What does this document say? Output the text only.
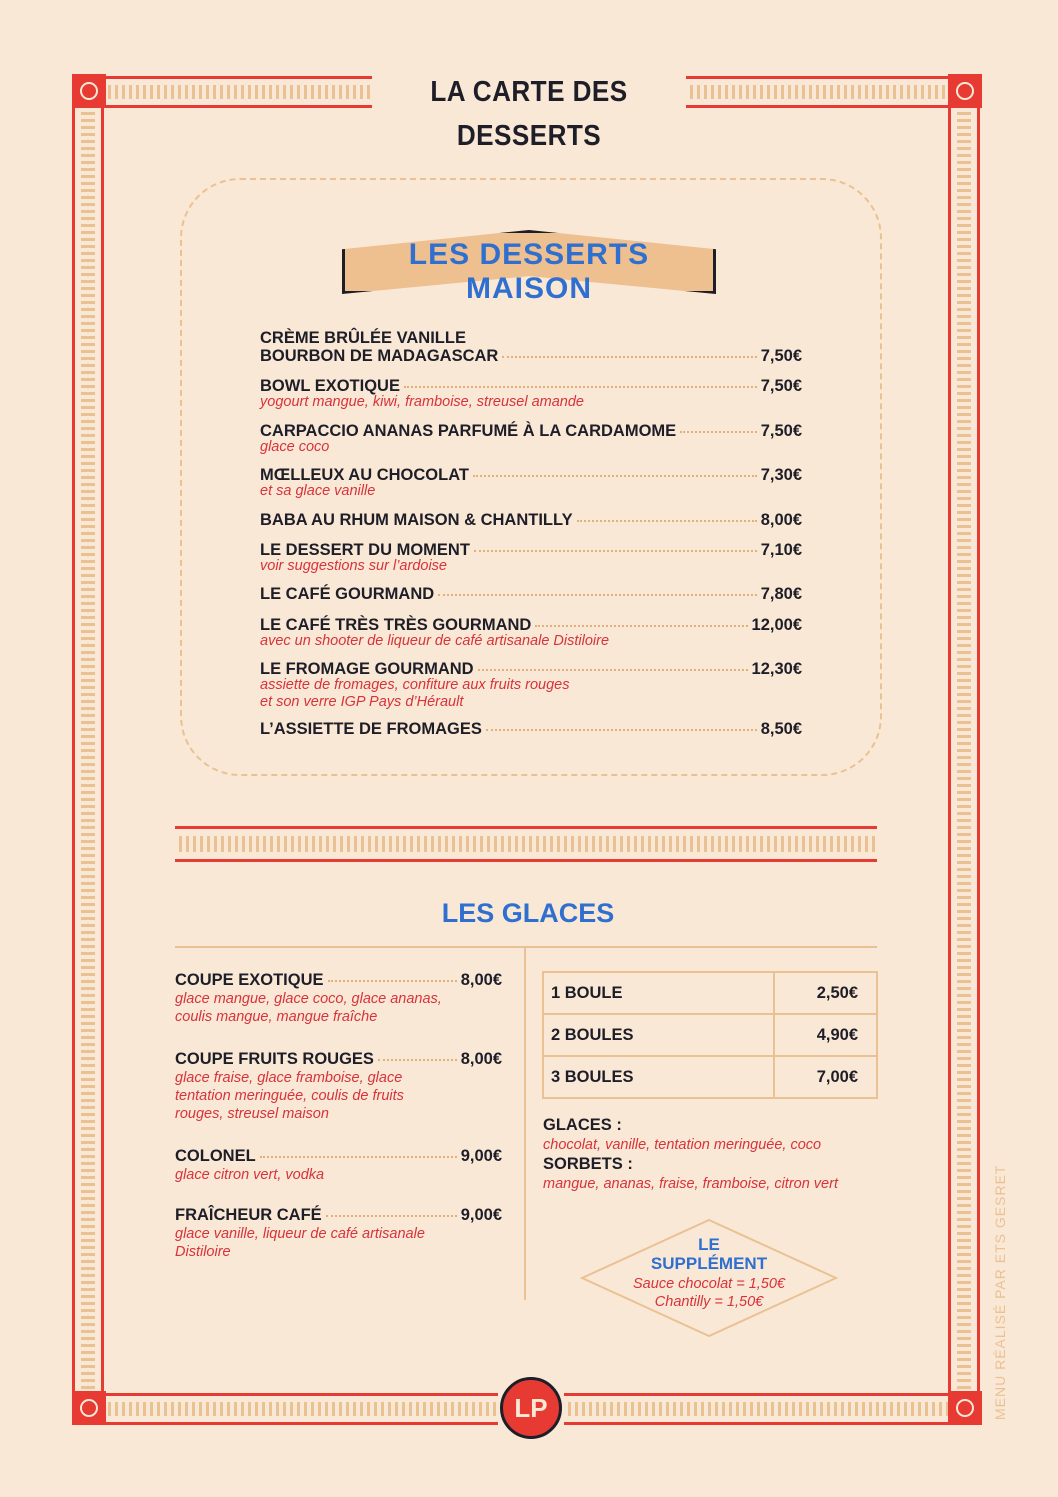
LA CARTE DES DESSERTS
LES DESSERTS MAISON
CRÈME BRÛLÉE VANILLE
BOURBON DE MADAGASCAR	7,50€
BOWL EXOTIQUE	7,50€
yogourt mangue, kiwi, framboise, streusel amande
CARPACCIO ANANAS PARFUMÉ À LA CARDAMOME	7,50€
glace coco
MŒLLEUX AU CHOCOLAT	7,30€
et sa glace vanille
BABA AU RHUM MAISON & CHANTILLY	8,00€
LE DESSERT DU MOMENT	7,10€
voir suggestions sur l’ardoise
LE CAFÉ GOURMAND	7,80€
LE CAFÉ TRÈS TRÈS GOURMAND	12,00€
avec un shooter de liqueur de café artisanale Distiloire
LE FROMAGE GOURMAND	12,30€
assiette de fromages, confiture aux fruits rouges
et son verre IGP Pays d’Hérault
L’ASSIETTE DE FROMAGES	8,50€
LES GLACES
COUPE EXOTIQUE	8,00€
glace mangue, glace coco, glace ananas,
coulis mangue, mangue fraîche
COUPE FRUITS ROUGES	8,00€
glace fraise, glace framboise, glace
tentation meringuée, coulis de fruits
rouges, streusel maison
COLONEL	9,00€
glace citron vert, vodka
FRAÎCHEUR CAFÉ	9,00€
glace vanille, liqueur de café artisanale
Distiloire
1 BOULE	2,50€
2 BOULES	4,90€
3 BOULES	7,00€
GLACES :
chocolat, vanille, tentation meringuée, coco
SORBETS :
mangue, ananas, fraise, framboise, citron vert
LE
SUPPLÉMENT
Sauce chocolat = 1,50€
Chantilly = 1,50€
LP	MENU RÉALISÉ PAR ETS GESRET
